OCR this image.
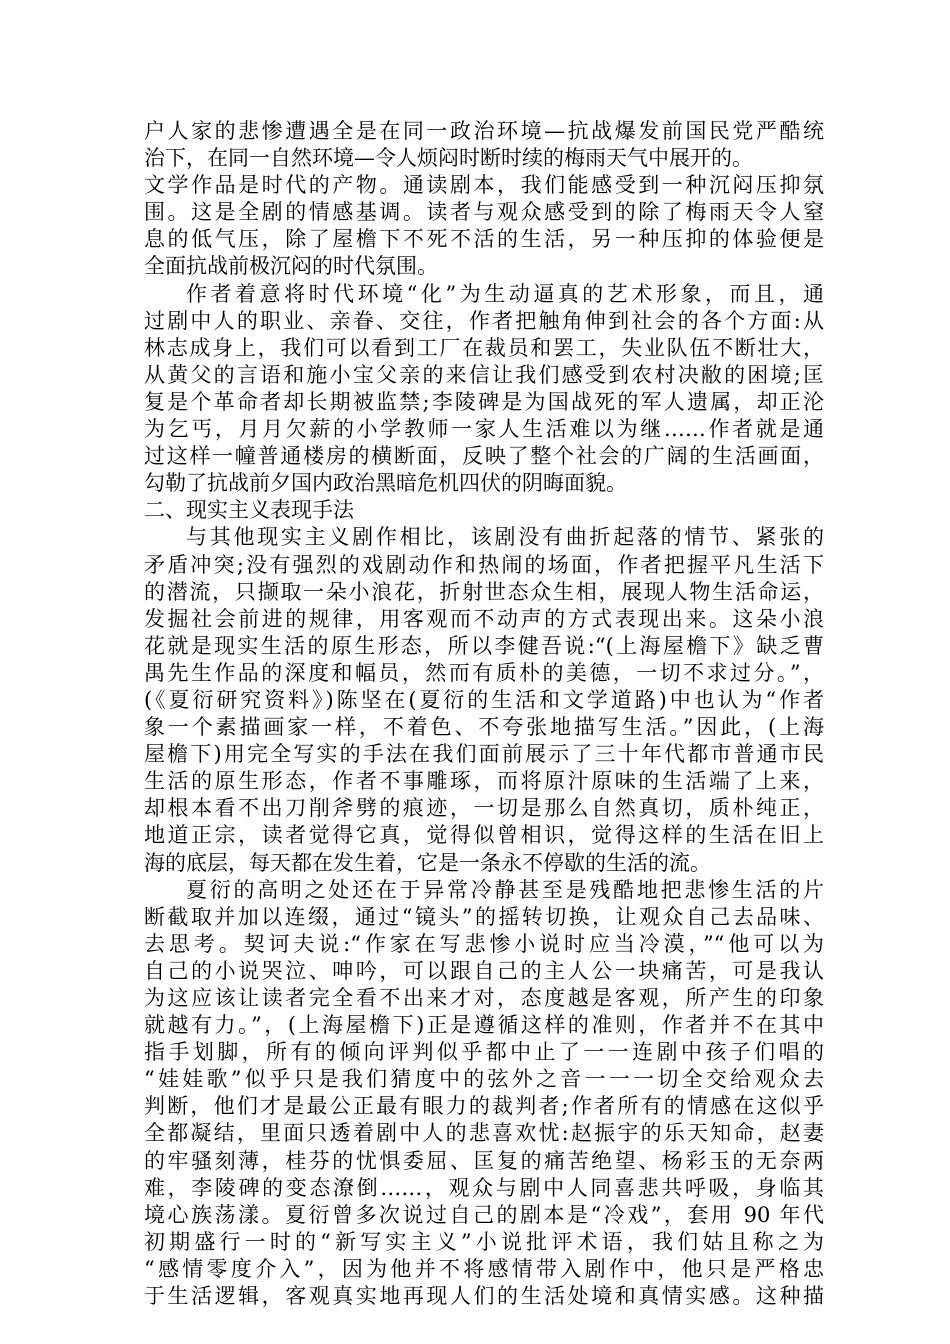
户人家的悲惨遭遇全是在同一政治环境—抗战爆发前国民党严酷统
治下，在同一自然环境—令人烦闷时断时续的梅雨天气中展开的。
文学作品是时代的产物。通读剧本，我们能感受到一种沉闷压抑氛
围。这是全剧的情感基调。读者与观众感受到的除了梅雨天令人窒
息的低气压，除了屋檐下不死不活的生活，另一种压抑的体验便是
全面抗战前极沉闷的时代氛围。
作者着意将时代环境“化”为生动逼真的艺术形象，而且，通
过剧中人的职业、亲眷、交往，作者把触角伸到社会的各个方面:从
林志成身上，我们可以看到工厂在裁员和罢工，失业队伍不断壮大，
从黄父的言语和施小宝父亲的来信让我们感受到农村决敝的困境;匡
复是个革命者却长期被监禁;李陵碑是为国战死的军人遗属，却正沦
为乞丐，月月欠薪的小学教师一家人生活难以为继……作者就是通
过这样一幢普通楼房的横断面，反映了整个社会的广阔的生活画面，
勾勒了抗战前夕国内政治黑暗危机四伏的阴晦面貌。
二、现实主义表现手法
与其他现实主义剧作相比，该剧没有曲折起落的情节、紧张的
矛盾冲突;没有强烈的戏剧动作和热闹的场面，作者把握平凡生活下
的潜流，只撷取一朵小浪花，折射世态众生相，展现人物生活命运，
发掘社会前进的规律，用客观而不动声的方式表现出来。这朵小浪
花就是现实生活的原生形态，所以李健吾说:“(上海屋檐下》缺乏曹
禺先生作品的深度和幅员，然而有质朴的美德，一切不求过分。”，
(《夏衍研究资料》)陈坚在(夏衍的生活和文学道路)中也认为“作者
象一个素描画家一样，不着色、不夸张地描写生活。”因此，(上海
屋檐下)用完全写实的手法在我们面前展示了三十年代都市普通市民
生活的原生形态，作者不事雕琢，而将原汁原味的生活端了上来，
却根本看不出刀削斧劈的痕迹，一切是那么自然真切，质朴纯正，
地道正宗，读者觉得它真，觉得似曾相识，觉得这样的生活在旧上
海的底层，每天都在发生着，它是一条永不停歇的生活的流。
夏衍的高明之处还在于异常冷静甚至是残酷地把悲惨生活的片
断截取并加以连缀，通过“镜头”的摇转切换，让观众自己去品味、
去思考。契诃夫说:“作家在写悲惨小说时应当冷漠，”“他可以为
自己的小说哭泣、呻吟，可以跟自己的主人公一块痛苦，可是我认
为这应该让读者完全看不出来才对，态度越是客观，所产生的印象
就越有力。”，(上海屋檐下)正是遵循这样的准则，作者并不在其中
指手划脚，所有的倾向评判似乎都中止了一一连剧中孩子们唱的
“娃娃歌”似乎只是我们猜度中的弦外之音一一一切全交给观众去
判断，他们才是最公正最有眼力的裁判者;作者所有的情感在这似乎
全都凝结，里面只透着剧中人的悲喜欢忧:赵振宇的乐天知命，赵妻
的牢骚刻薄，桂芬的忧惧委屈、匡复的痛苦绝望、杨彩玉的无奈两
难，李陵碑的变态潦倒……，观众与剧中人同喜悲共呼吸，身临其
境心族荡漾。夏衍曾多次说过自己的剧本是“冷戏”，套用 90 年代
初期盛行一时的“新写实主义”小说批评术语，我们姑且称之为
“感情零度介入”，因为他并不将感情带入剧作中，他只是严格忠
于生活逻辑，客观真实地再现人们的生活处境和真情实感。这种描
